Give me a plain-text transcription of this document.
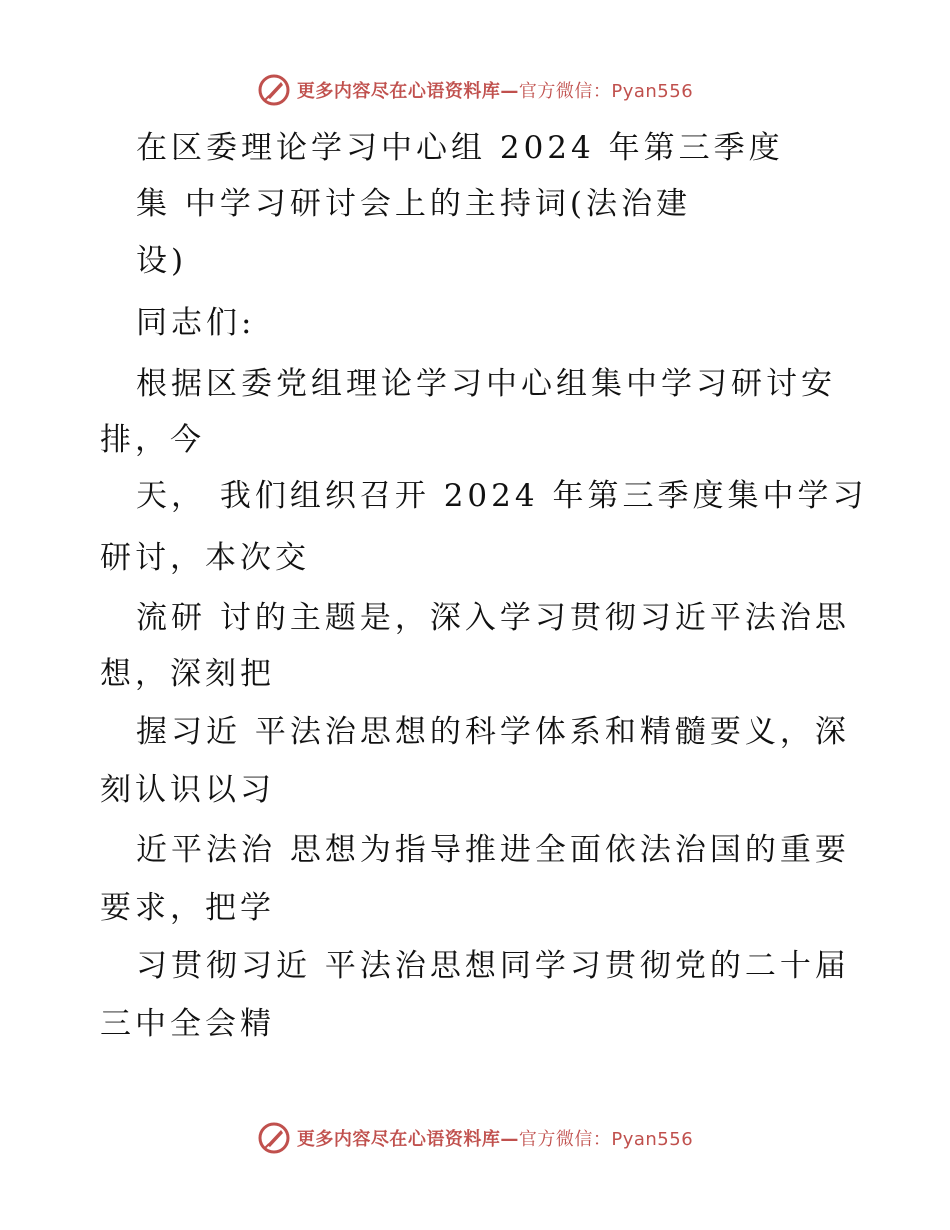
更多内容尽在心语资料库—官方微信：Pyan556
在区委理论学习中心组 2024 年第三季度
集 中学习研讨会上的主持词(法治建
设)
同志们:
根据区委党组理论学习中心组集中学习研讨安
排，今
天， 我们组织召开 2024 年第三季度集中学习
研讨，本次交
流研 讨的主题是，深入学习贯彻习近平法治思
想，深刻把
握习近 平法治思想的科学体系和精髓要义，深
刻认识以习
近平法治 思想为指导推进全面依法治国的重要
要求，把学
习贯彻习近 平法治思想同学习贯彻党的二十届
三中全会精
更多内容尽在心语资料库—官方微信：Pyan556
